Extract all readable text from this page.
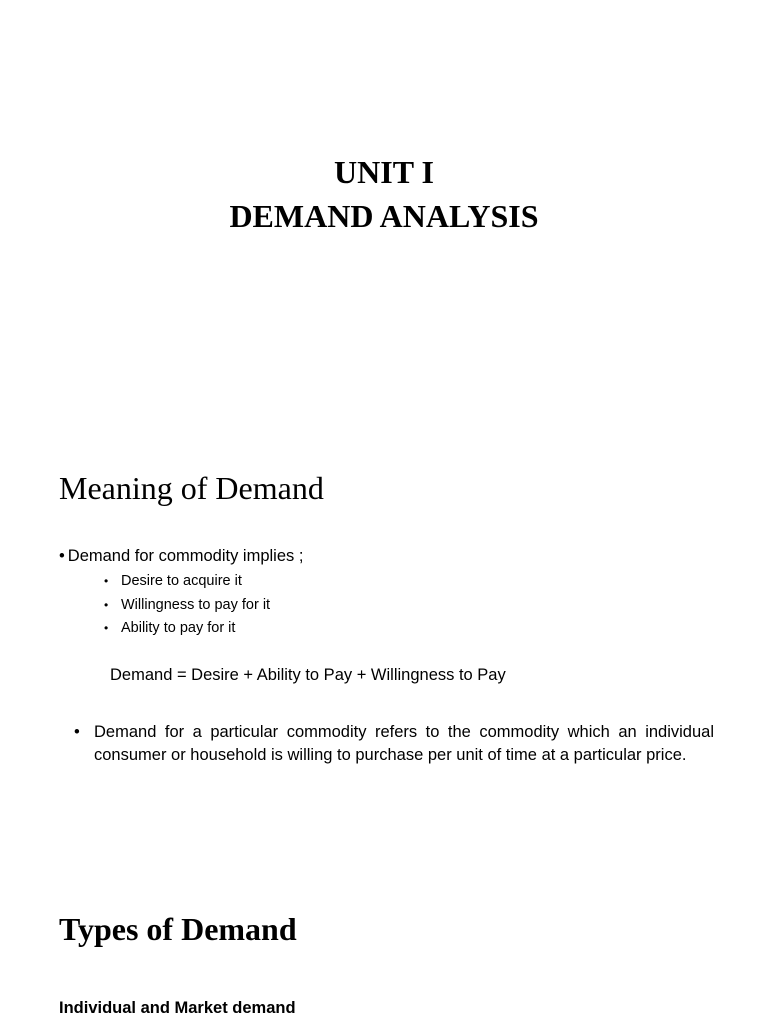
UNIT I
DEMAND ANALYSIS
Meaning of Demand
• Demand for commodity implies ;
• Desire to acquire it
• Willingness to pay for it
• Ability to pay for it
Demand = Desire + Ability to Pay + Willingness to Pay
• Demand for a particular commodity refers to the commodity which an individual consumer or household is willing to purchase per unit of time at a particular price.
Types of Demand
Individual and Market demand
